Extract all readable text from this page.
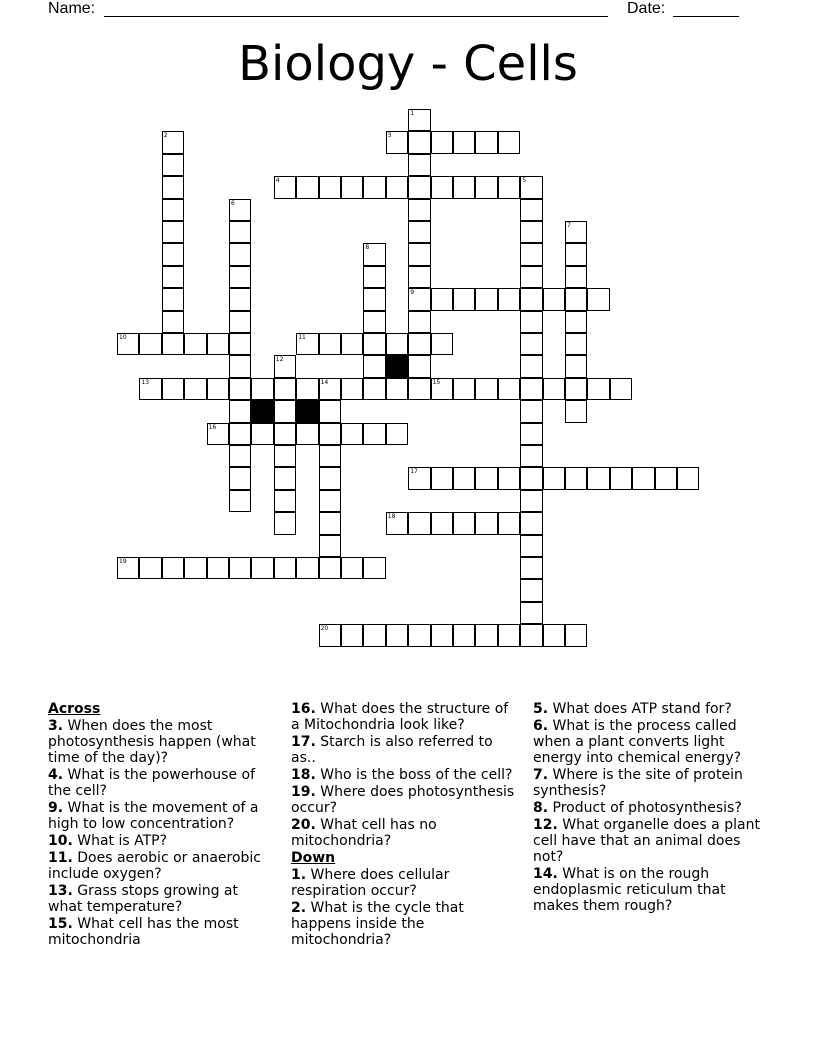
Name:	Date:
Biology - Cells
3
4	5
9
10	11
13	14	15
16
17
18
19
20
1
2
6
7
8
12
Across
3. When does the most photosynthesis happen (what time of the day)?
4. What is the powerhouse of the cell?
9. What is the movement of a high to low concentration?
10. What is ATP?
11. Does aerobic or anaerobic include oxygen?
13. Grass stops growing at what temperature?
15. What cell has the most mitochondria
16. What does the structure of a Mitochondria look like?
17. Starch is also referred to as..
18. Who is the boss of the cell?
19. Where does photosynthesis occur?
20. What cell has no mitochondria?
Down
1. Where does cellular respiration occur?
2. What is the cycle that happens inside the mitochondria?
5. What does ATP stand for?
6. What is the process called when a plant converts light energy into chemical energy?
7. Where is the site of protein synthesis?
8. Product of photosynthesis?
12. What organelle does a plant cell have that an animal does not?
14. What is on the rough endoplasmic reticulum that makes them rough?
